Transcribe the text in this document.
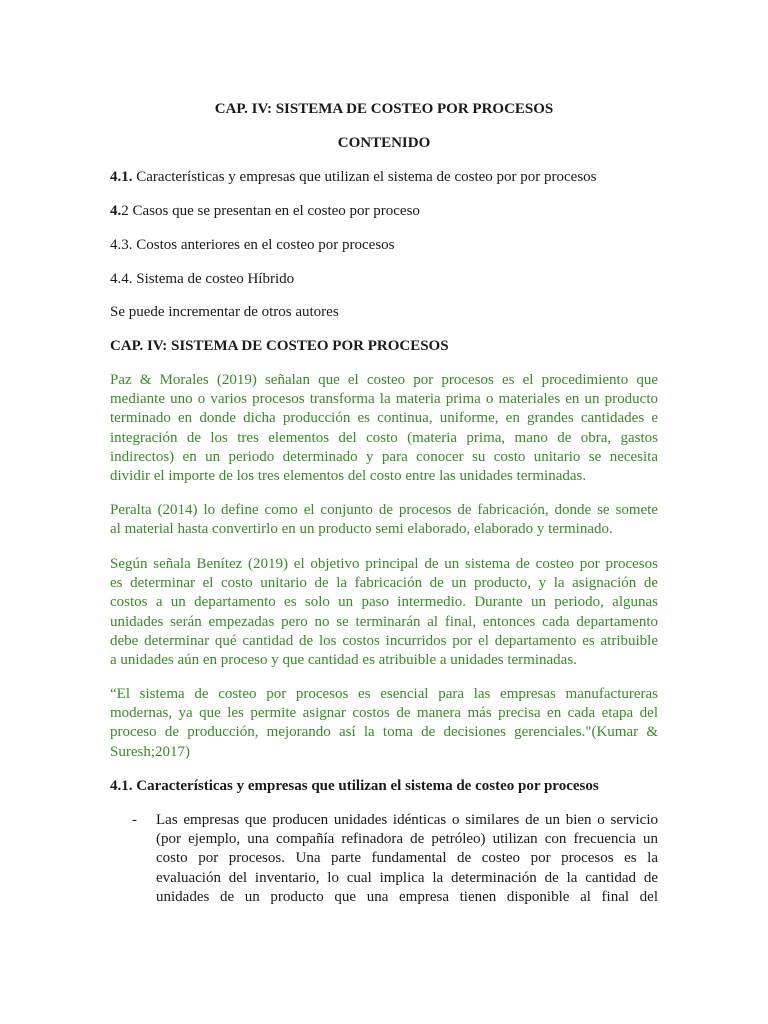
CAP. IV: SISTEMA DE COSTEO POR PROCESOS
CONTENIDO
4.1. Características y empresas que utilizan el sistema de costeo por por procesos
4.2 Casos que se presentan en el costeo por proceso
4.3. Costos anteriores en el costeo por procesos
4.4. Sistema de costeo Híbrido
Se puede incrementar de otros autores
CAP. IV: SISTEMA DE COSTEO POR PROCESOS
Paz & Morales (2019) señalan que el costeo por procesos es el procedimiento que
mediante uno o varios procesos transforma la materia prima o materiales en un producto
terminado en donde dicha producción es continua, uniforme, en grandes cantidades e
integración de los tres elementos del costo (materia prima, mano de obra, gastos
indirectos) en un periodo determinado y para conocer su costo unitario se necesita
dividir el importe de los tres elementos del costo entre las unidades terminadas.
Peralta (2014) lo define como el conjunto de procesos de fabricación, donde se somete
al material hasta convertirlo en un producto semi elaborado, elaborado y terminado.
Según señala Benítez (2019) el objetivo principal de un sistema de costeo por procesos
es determinar el costo unitario de la fabricación de un producto, y la asignación de
costos a un departamento es solo un paso intermedio. Durante un periodo, algunas
unidades serán empezadas pero no se terminarán al final, entonces cada departamento
debe determinar qué cantidad de los costos incurridos por el departamento es atribuible
a unidades aún en proceso y que cantidad es atribuible a unidades terminadas.
“El sistema de costeo por procesos es esencial para las empresas manufactureras
modernas, ya que les permite asignar costos de manera más precisa en cada etapa del
proceso de producción, mejorando así la toma de decisiones gerenciales."(Kumar &
Suresh;2017)
4.1. Características y empresas que utilizan el sistema de costeo por procesos
- Las empresas que producen unidades idénticas o similares de un bien o servicio
(por ejemplo, una compañía refinadora de petróleo) utilizan con frecuencia un
costo por procesos. Una parte fundamental de costeo por procesos es la
evaluación del inventario, lo cual implica la determinación de la cantidad de
unidades de un producto que una empresa tienen disponible al final del
